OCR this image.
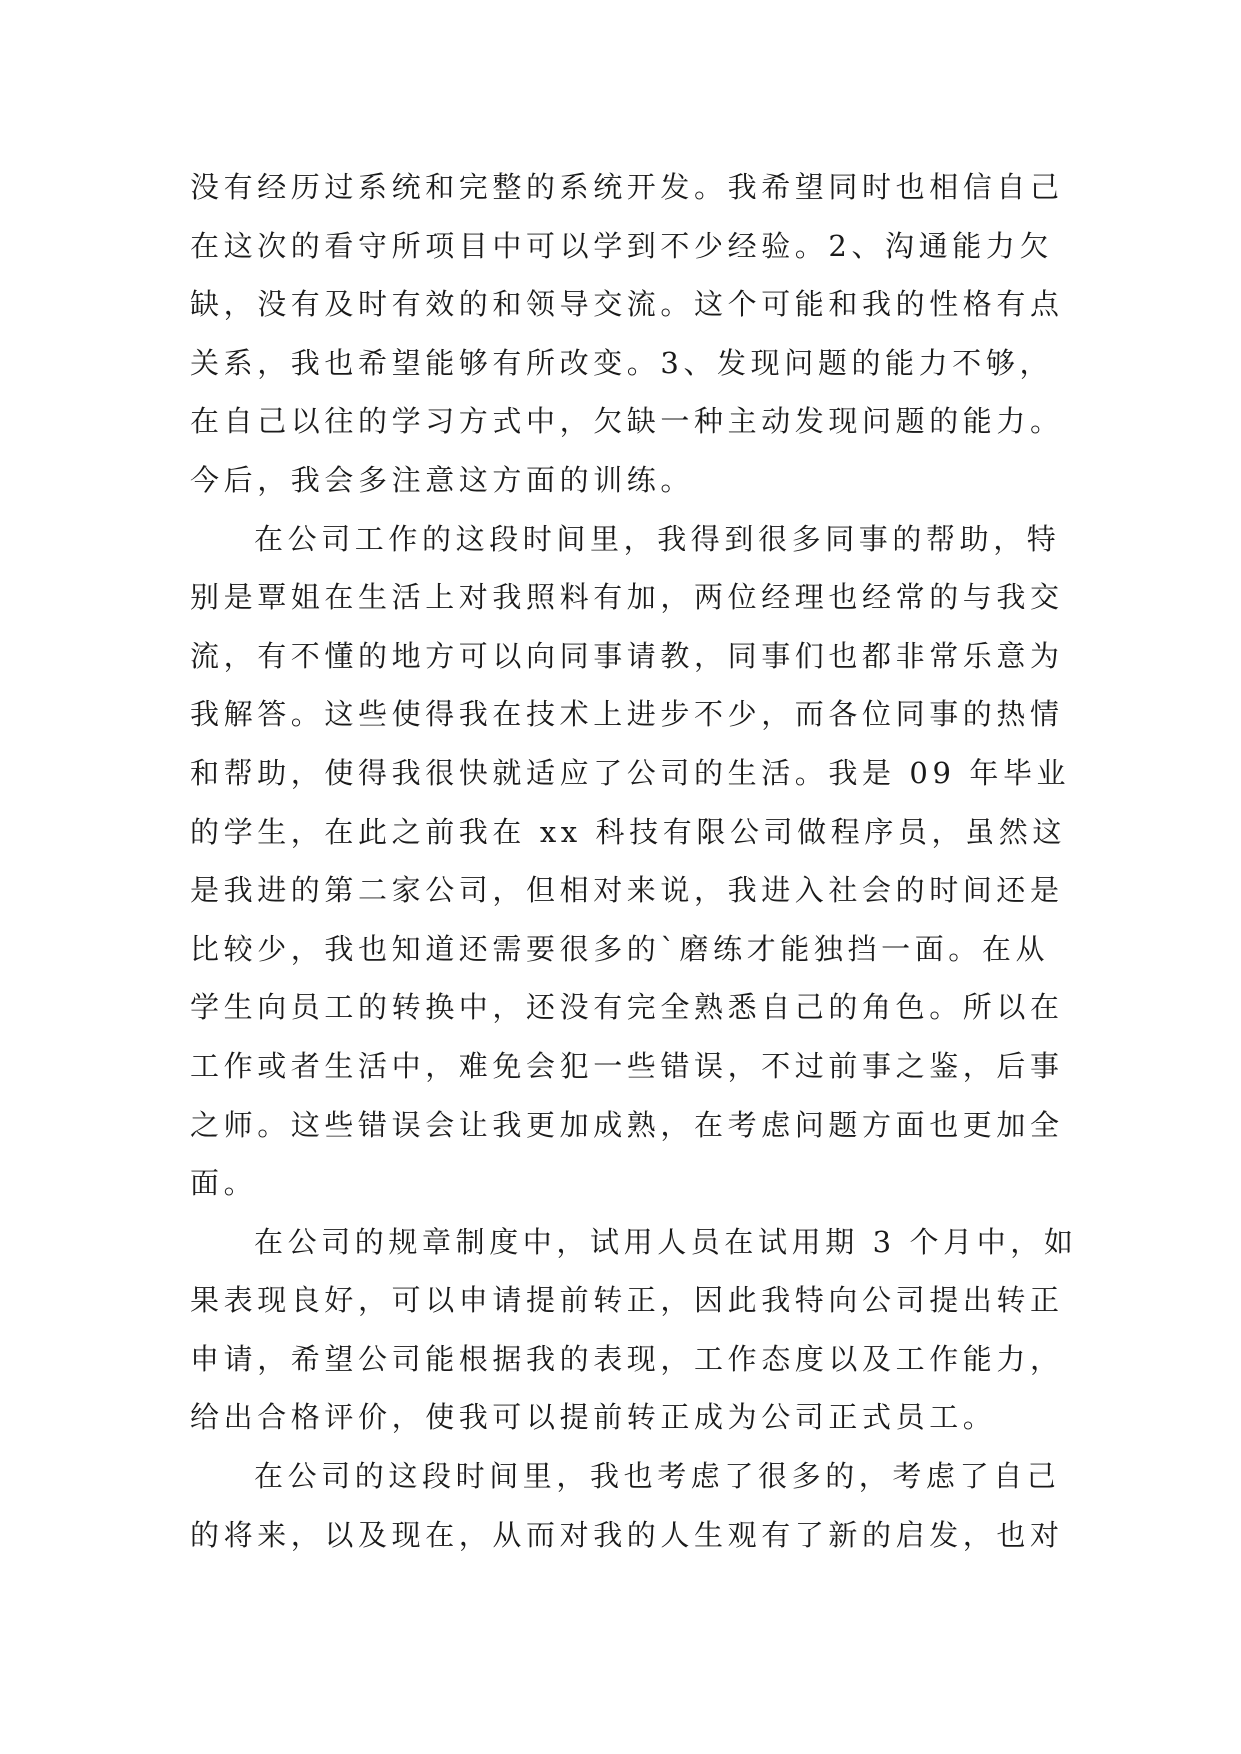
没有经历过系统和完整的系统开发。我希望同时也相信自己
在这次的看守所项目中可以学到不少经验。2、沟通能力欠
缺，没有及时有效的和领导交流。这个可能和我的性格有点
关系，我也希望能够有所改变。3、发现问题的能力不够，
在自己以往的学习方式中，欠缺一种主动发现问题的能力。
今后，我会多注意这方面的训练。
在公司工作的这段时间里，我得到很多同事的帮助，特
别是覃姐在生活上对我照料有加，两位经理也经常的与我交
流，有不懂的地方可以向同事请教，同事们也都非常乐意为
我解答。这些使得我在技术上进步不少，而各位同事的热情
和帮助，使得我很快就适应了公司的生活。我是 09 年毕业
的学生，在此之前我在 xx 科技有限公司做程序员，虽然这
是我进的第二家公司，但相对来说，我进入社会的时间还是
比较少，我也知道还需要很多的`磨练才能独挡一面。在从
学生向员工的转换中，还没有完全熟悉自己的角色。所以在
工作或者生活中，难免会犯一些错误，不过前事之鉴，后事
之师。这些错误会让我更加成熟，在考虑问题方面也更加全
面。
在公司的规章制度中，试用人员在试用期 3 个月中，如
果表现良好，可以申请提前转正，因此我特向公司提出转正
申请，希望公司能根据我的表现，工作态度以及工作能力，
给出合格评价，使我可以提前转正成为公司正式员工。
在公司的这段时间里，我也考虑了很多的，考虑了自己
的将来，以及现在，从而对我的人生观有了新的启发，也对
